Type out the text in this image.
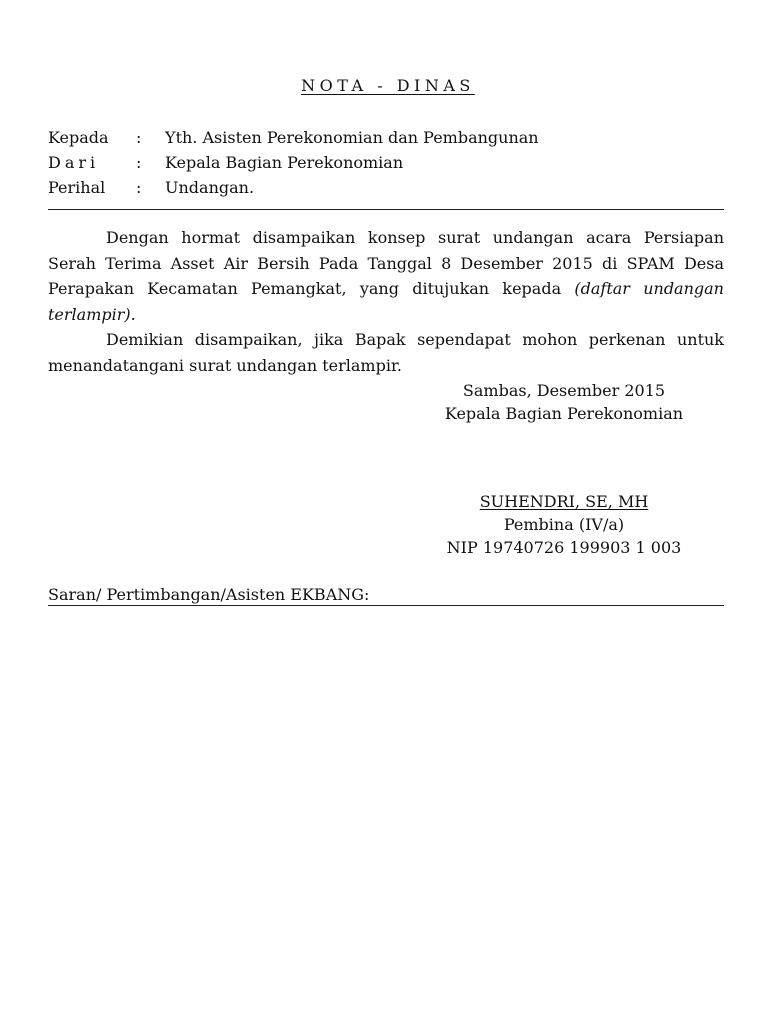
NOTA - DINAS
Kepada	:	Yth. Asisten Perekonomian dan Pembangunan
Dari	:	Kepala Bagian Perekonomian
Perihal	:	Undangan.

Dengan hormat disampaikan konsep surat undangan acara Persiapan Serah Terima Asset Air Bersih Pada Tanggal 8 Desember 2015 di SPAM Desa Perapakan Kecamatan Pemangkat, yang ditujukan kepada (daftar undangan terlampir).

Demikian disampaikan, jika Bapak sependapat mohon perkenan untuk menandatangani surat undangan terlampir.

Sambas, Desember 2015
Kepala Bagian Perekonomian
SUHENDRI, SE, MH
Pembina (IV/a)
NIP 19740726 199903 1 003
Saran/ Pertimbangan/Asisten EKBANG:
